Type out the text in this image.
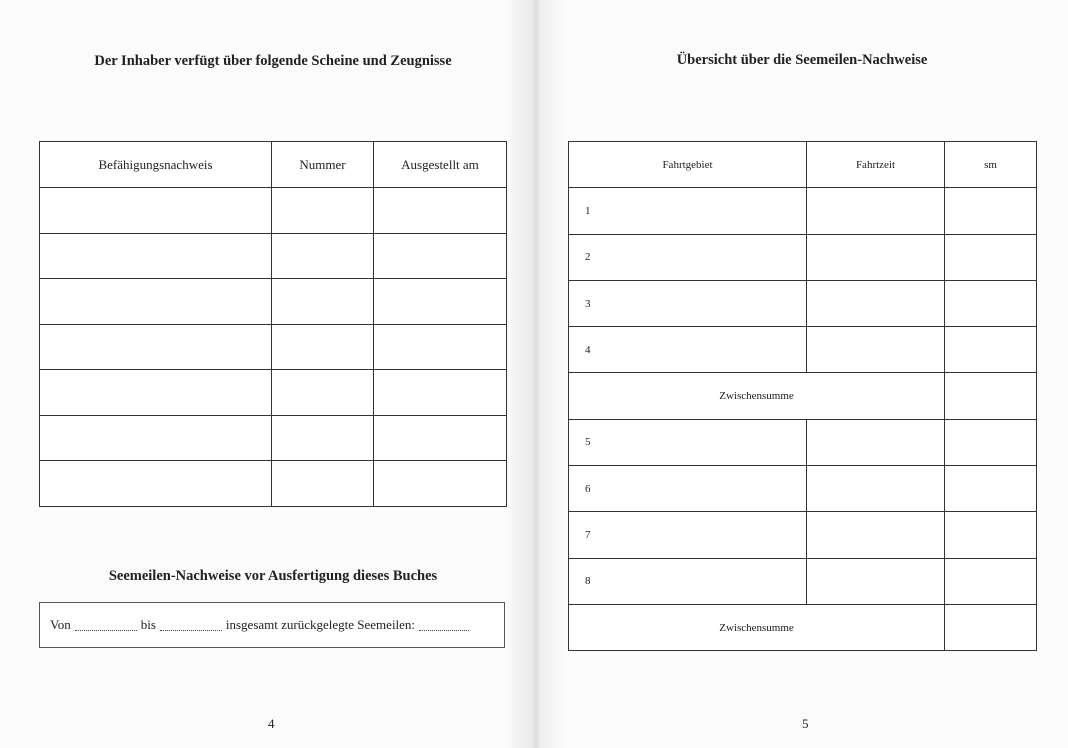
Der Inhaber verfügt über folgende Scheine und Zeugnisse
Befähigungsnachweis	Nummer	Ausgestellt am

Seemeilen-Nachweise vor Ausfertigung dieses Buches
Von	bis	insgesamt zurückgelegte Seemeilen:
4
Übersicht über die Seemeilen-Nachweise
Fahrtgebiet	Fahrtzeit	sm
1		
2		
3		
4		
Zwischensumme		
5		
6		
7		
8		
Zwischensumme		
5
